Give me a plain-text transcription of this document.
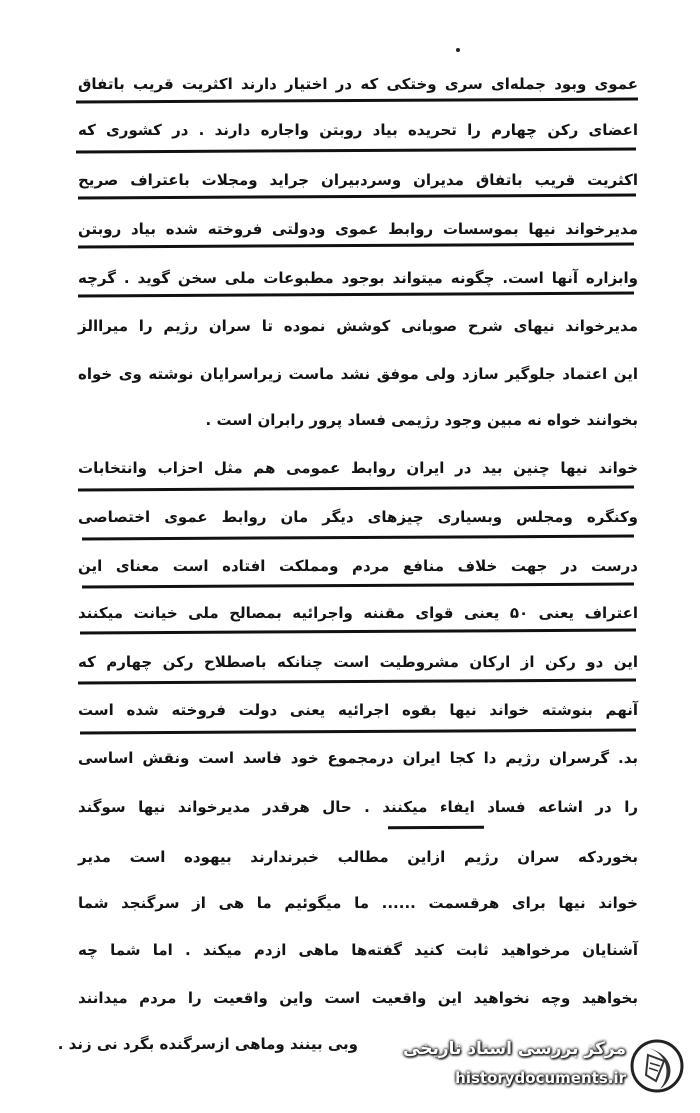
عموی وبود جمله‌ای سری وختکی که در اختیار دارند اکثریت قریب باتفاق
اعضای رکن چهارم را تحریده بیاد روبتن واجاره دارند . در کشوری که
اکثریت قریب باتفاق مدیران وسردبیران جراید ومجلات باعتراف صریح
مدیرخواند نیها بموسسات روابط عموی ودولتی فروخته شده بیاد روبتن
وابزاره آنها است. چگونه میتواند بوجود مطبوعات ملی سخن گوید . گرچه
مدیرخواند نیهای شرح صوبانی کوشش نموده تا سران رژیم را میراالز
این اعتماد جلوگیر سازد ولی موفق نشد ماست زیراسرایان نوشته وی خواه
بخوانند خواه نه مبین وجود رژیمی فساد پرور رابران است .
خواند نیها چنین بید در ایران روابط عمومی هم مثل احزاب وانتخابات
وکنگره ومجلس وبسیاری چیزهای دیگر مان روابط عموی اختصاصی
درست در جهت خلاف منافع مردم ومملکت افتاده است معنای این
اعتراف یعنی ۵۰ یعنی قوای مقننه واجرائیه بمصالح ملی خیانت میکنند
این دو رکن از ارکان مشروطیت است چنانکه باصطلاح رکن چهارم که
آنهم بنوشته خواند نیها بقوه اجرائیه یعنی دولت فروخته شده است
بد. گرسران رژیم دا کجا ایران درمجموع خود فاسد است ونقش اساسی
را در اشاعه فساد ایفاء میکنند . حال هرقدر مدیرخواند نیها سوگند
بخوردکه سران رژیم ازاین مطالب خبرندارند بیهوده است مدیر
خواند نیها برای هرقسمت ...... ما میگوئیم ما هی از سرگنجد شما
آشنایان مرخواهید ثابت کنید گفته‌ها ماهی ازدم میکند . اما شما چه
بخواهید وچه نخواهید این واقعیت است واین واقعیت را مردم میدانند
وبی بینند وماهی ازسرگنده بگرد نی زند .	مرکز بررسی اسناد تاریخی
historydocuments.ir
